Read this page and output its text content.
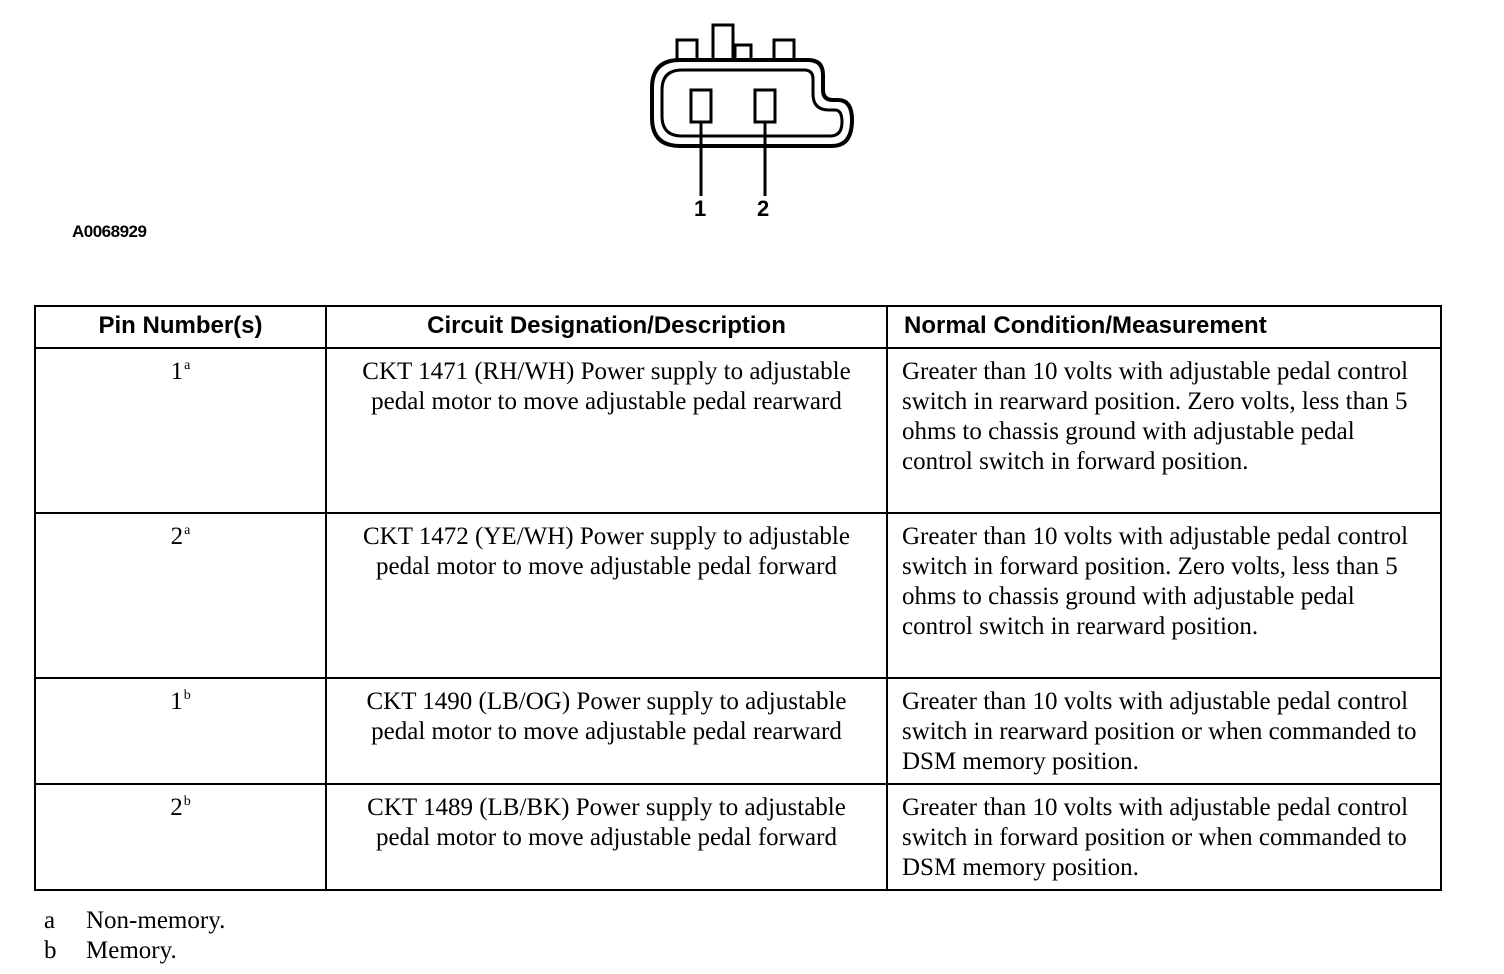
1 2
A0068929
Pin Number(s)	Circuit Designation/Description	Normal Condition/Measurement
1$^a$	CKT 1471 (RH/WH) Power supply to adjustable pedal motor to move adjustable pedal rearward	Greater than 10 volts with adjustable pedal control switch in rearward position. Zero volts, less than 5 ohms to chassis ground with adjustable pedal control switch in forward position.
2$^a$	CKT 1472 (YE/WH) Power supply to adjustable pedal motor to move adjustable pedal forward	Greater than 10 volts with adjustable pedal control switch in forward position. Zero volts, less than 5 ohms to chassis ground with adjustable pedal control switch in rearward position.
1$^b$	CKT 1490 (LB/OG) Power supply to adjustable pedal motor to move adjustable pedal rearward	Greater than 10 volts with adjustable pedal control switch in rearward position or when commanded to DSM memory position.
2$^b$	CKT 1489 (LB/BK) Power supply to adjustable pedal motor to move adjustable pedal forward	Greater than 10 volts with adjustable pedal control switch in forward position or when commanded to DSM memory position.
a	Non-memory.
b	Memory.
